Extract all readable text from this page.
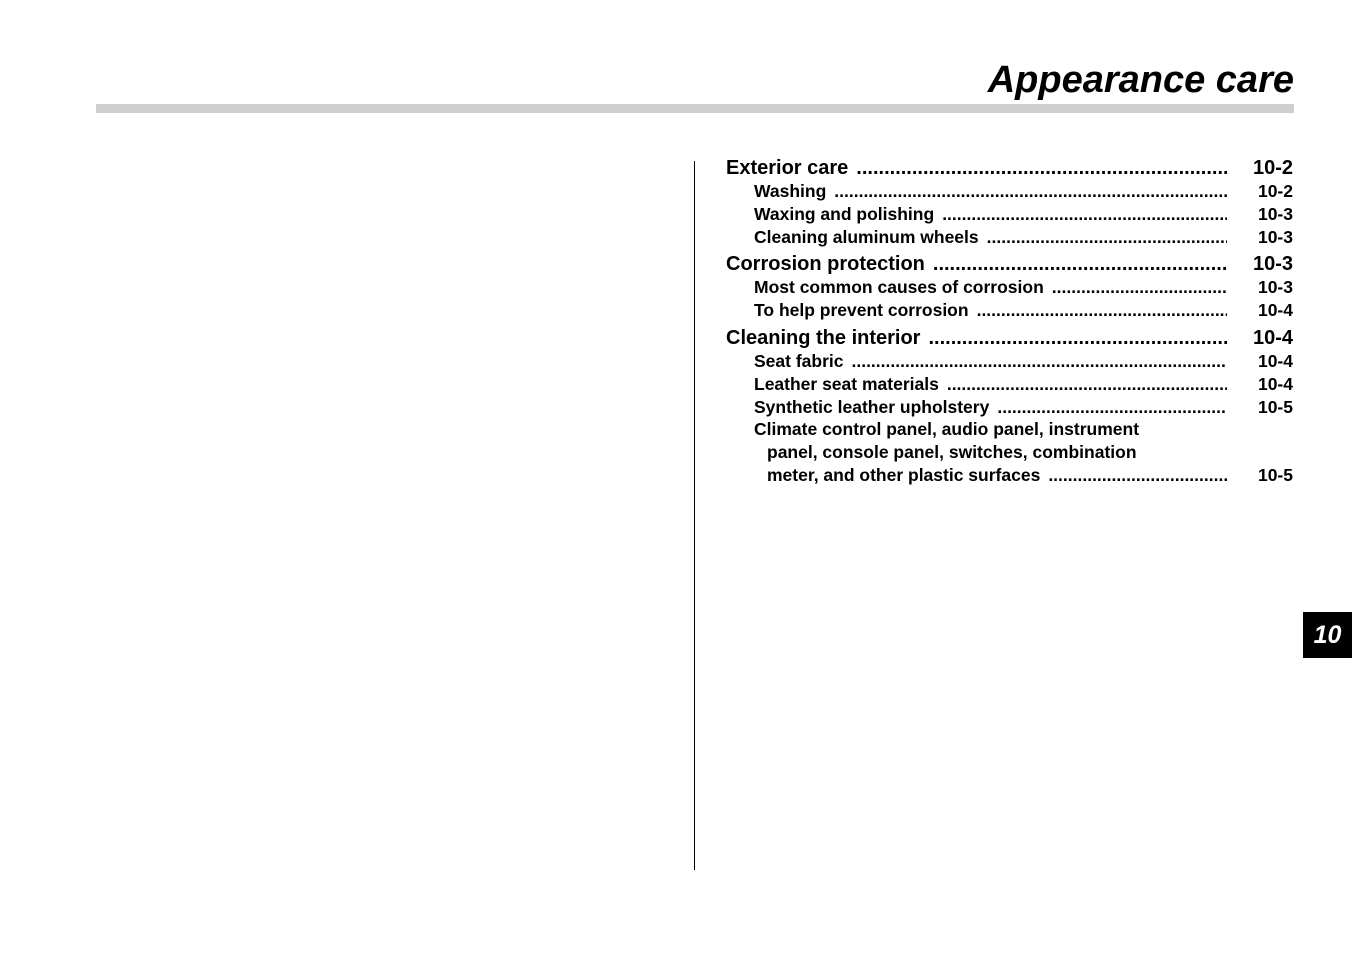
Appearance care
Exterior care .....	10-2
Washing .....	10-2
Waxing and polishing .....	10-3
Cleaning aluminum wheels .....	10-3
Corrosion protection .....	10-3
Most common causes of corrosion .....	10-3
To help prevent corrosion .....	10-4
Cleaning the interior .....	10-4
Seat fabric .....	10-4
Leather seat materials .....	10-4
Synthetic leather upholstery .....	10-5
Climate control panel, audio panel, instrument
panel, console panel, switches, combination
meter, and other plastic surfaces .....	10-5
10
